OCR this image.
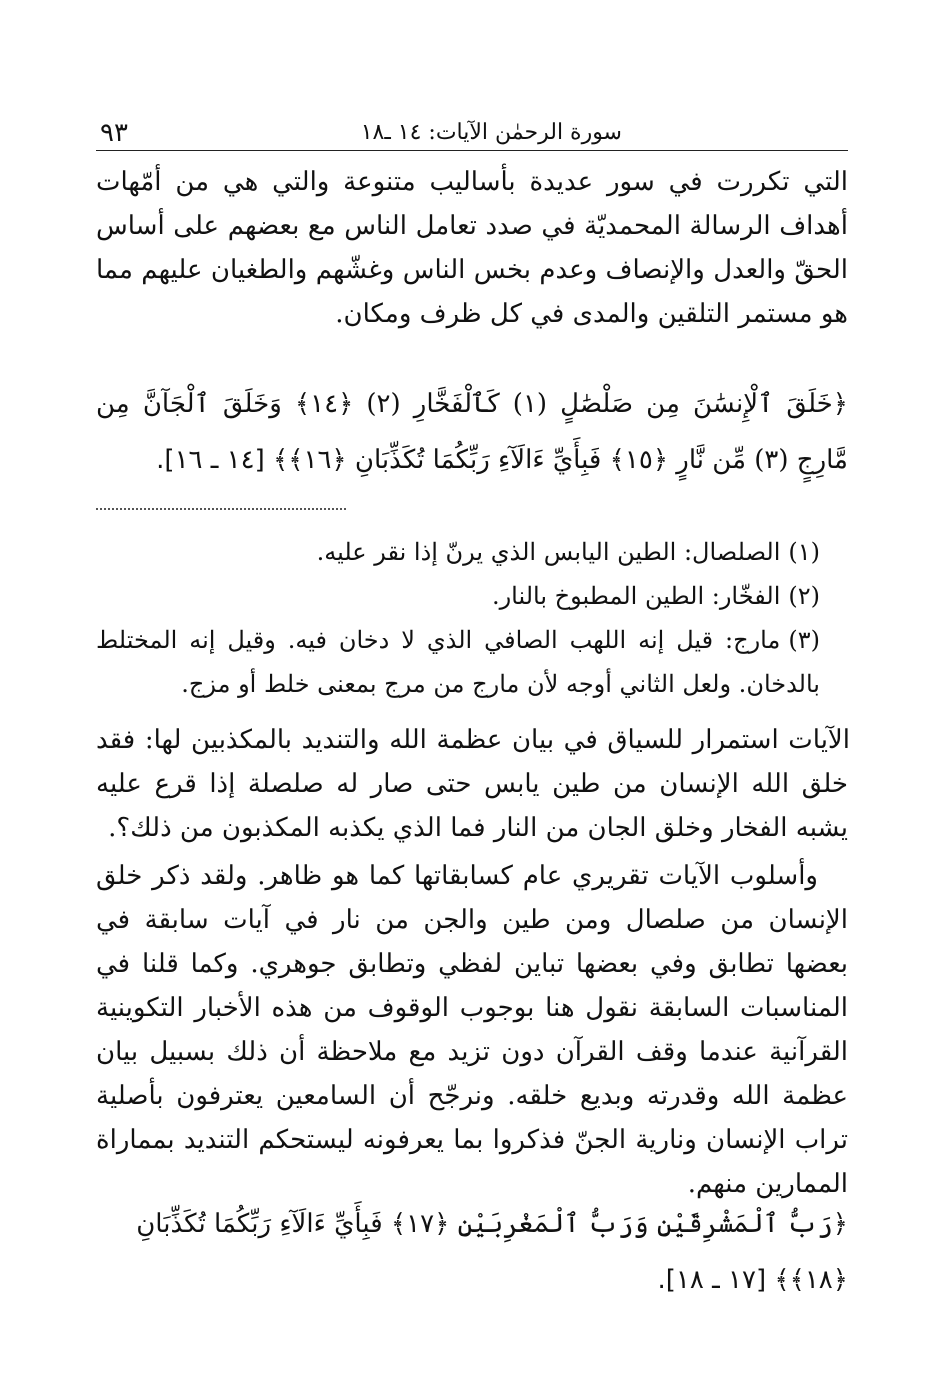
سورة الرحمٰن الآيات: ١٤ ـ١٨
٩٣

التي تكررت في سور عديدة بأساليب متنوعة والتي هي من أمّهات أهداف الرسالة المحمديّة في صدد تعامل الناس مع بعضهم على أساس الحقّ والعدل والإنصاف وعدم بخس الناس وغشّهم والطغيان عليهم مما هو مستمر التلقين والمدى في كل ظرف ومكان.

﴿خَلَقَ ٱلْإِنسَٰنَ مِن صَلْصَٰلٍ (١) كَٱلْفَخَّارِ (٢) ﴿١٤﴾ وَخَلَقَ ٱلْجَآنَّ مِن مَّارِجٍ (٣) مِّن نَّارٍ ﴿١٥﴾ فَبِأَيِّ ءَالَآءِ رَبِّكُمَا تُكَذِّبَانِ ﴿١٦﴾﴾ [١٤ ـ ١٦].
(١)الصلصال: الطين اليابس الذي يرنّ إذا نقر عليه.
(٢)الفخّار: الطين المطبوخ بالنار.
(٣)مارج: قيل إنه اللهب الصافي الذي لا دخان فيه. وقيل إنه المختلط بالدخان. ولعل الثاني أوجه لأن مارج من مرج بمعنى خلط أو مزج.

الآيات استمرار للسياق في بيان عظمة الله والتنديد بالمكذبين لها: فقد خلق الله الإنسان من طين يابس حتى صار له صلصلة إذا قرع عليه يشبه الفخار وخلق الجان من النار فما الذي يكذبه المكذبون من ذلك؟.

وأسلوب الآيات تقريري عام كسابقاتها كما هو ظاهر. ولقد ذكر خلق الإنسان من صلصال ومن طين والجن من نار في آيات سابقة في بعضها تطابق وفي بعضها تباين لفظي وتطابق جوهري. وكما قلنا في المناسبات السابقة نقول هنا بوجوب الوقوف من هذه الأخبار التكوينية القرآنية عندما وقف القرآن دون تزيد مع ملاحظة أن ذلك بسبيل بيان عظمة الله وقدرته وبديع خلقه. ونرجّح أن السامعين يعترفون بأصلية تراب الإنسان ونارية الجنّ فذكروا بما يعرفونه ليستحكم التنديد بمماراة الممارين منهم.

﴿رَبُّ ٱلْمَشْرِقَيْنِ وَرَبُّ ٱلْمَغْرِبَيْنِ ﴿١٧﴾ فَبِأَيِّ ءَالَآءِ رَبِّكُمَا تُكَذِّبَانِ ﴿١٨﴾﴾ [١٧ ـ ١٨].
